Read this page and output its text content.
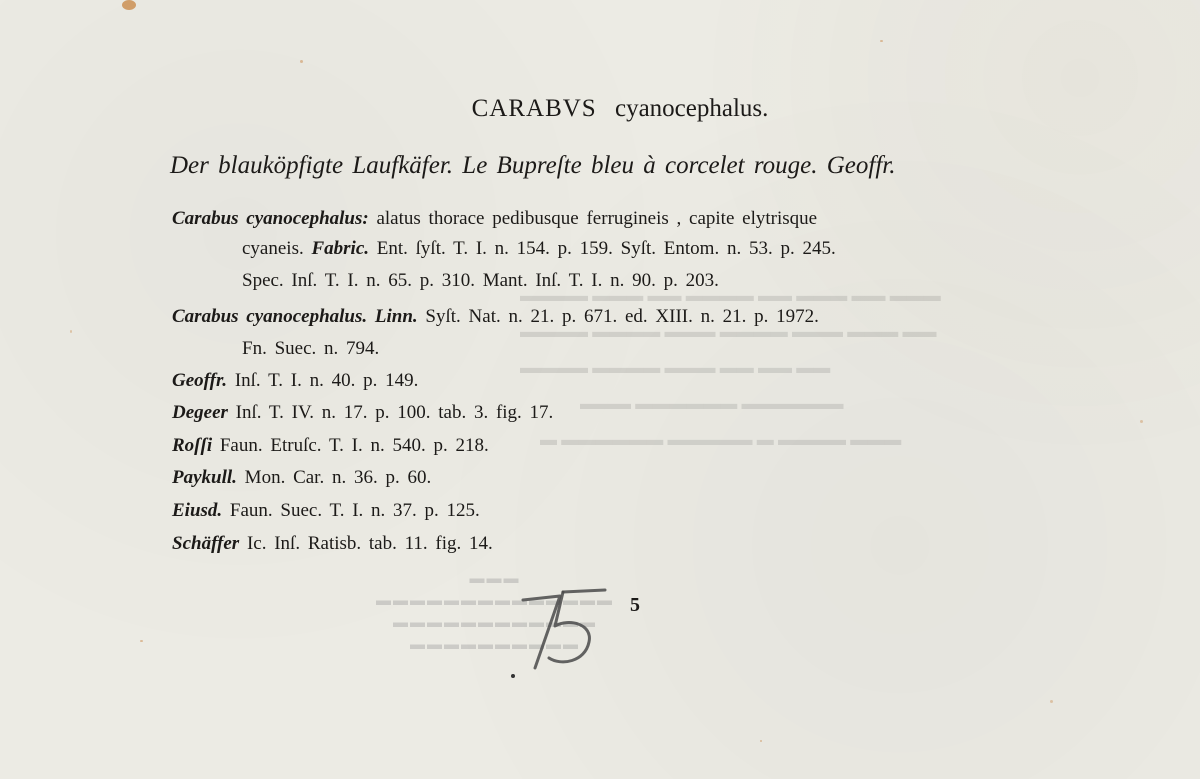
▬▬▬▬ ▬▬▬ ▬▬ ▬▬▬▬ ▬▬ ▬▬▬ ▬▬ ▬▬▬
▬▬▬▬ ▬▬▬▬ ▬▬▬ ▬▬▬▬ ▬▬▬ ▬▬▬ ▬▬
▬▬▬▬ ▬▬▬▬ ▬▬▬ ▬▬ ▬▬ ▬▬
▬▬▬ ▬▬▬▬▬▬ ▬▬▬▬▬▬
▬ ▬▬▬▬▬▬ ▬▬▬▬▬ ▬ ▬▬▬▬ ▬▬▬
▬▬▬
▬▬▬▬▬▬▬▬▬▬▬▬▬▬
▬▬▬▬▬▬▬▬▬▬▬▬
▬▬▬▬▬▬▬▬▬▬
CARABVS cyanocephalus.
Der blauköpfigte Laufkäfer. Le Bupreſte bleu à corcelet rouge. Geoffr.
Carabus cyanocephalus: alatus thorace pedibusque ferrugineis , capite elytrisque
cyaneis. Fabric. Ent. ſyſt. T. I. n. 154. p. 159. Syſt. Entom. n. 53. p. 245.
Spec. Inſ. T. I. n. 65. p. 310. Mant. Inſ. T. I. n. 90. p. 203.
Carabus cyanocephalus. Linn. Syſt. Nat. n. 21. p. 671. ed. XIII. n. 21. p. 1972.
Fn. Suec. n. 794.
Geoffr. Inſ. T. I. n. 40. p. 149.
Degeer Inſ. T. IV. n. 17. p. 100. tab. 3. fig. 17.
Roſſi Faun. Etruſc. T. I. n. 540. p. 218.
Paykull. Mon. Car. n. 36. p. 60.
Eiusd. Faun. Suec. T. I. n. 37. p. 125.
Schäffer Ic. Inſ. Ratisb. tab. 11. fig. 14.
5
